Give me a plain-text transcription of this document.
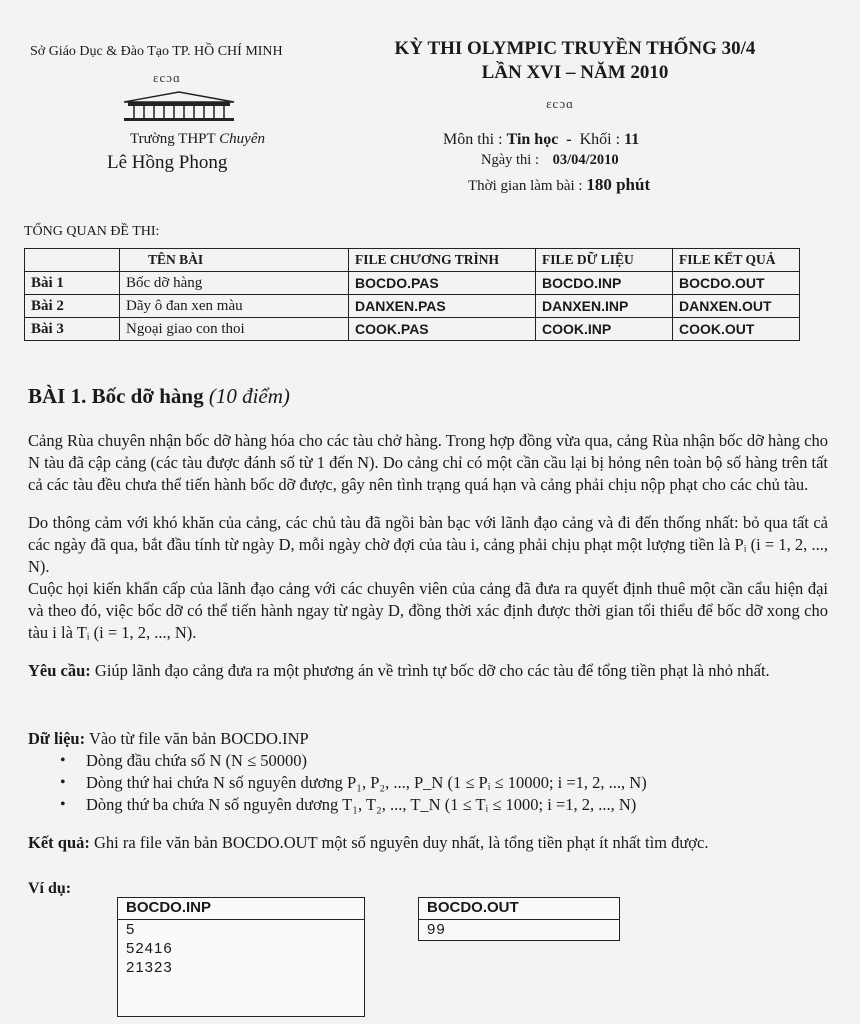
Sở Giáo Dục & Đào Tạo TP. HỒ CHÍ MINH
ɛcɔɑ
Trường THPT Chuyên
Lê Hồng Phong
KỲ THI OLYMPIC TRUYỀN THỐNG 30/4
LẦN XVI – NĂM 2010
ɛcɔɑ
Môn thi : Tin học  -  Khối : 11
Ngày thi : 03/04/2010
Thời gian làm bài : 180 phút
TỔNG QUAN ĐỀ THI:
	TÊN BÀI	FILE CHƯƠNG TRÌNH	FILE DỮ LIỆU	FILE KẾT QUẢ
Bài 1	Bốc dỡ hàng	BOCDO.PAS	BOCDO.INP	BOCDO.OUT
Bài 2	Dãy ô đan xen màu	DANXEN.PAS	DANXEN.INP	DANXEN.OUT
Bài 3	Ngoại giao con thoi	COOK.PAS	COOK.INP	COOK.OUT
BÀI 1. Bốc dỡ hàng (10 điểm)
Cảng Rùa chuyên nhận bốc dỡ hàng hóa cho các tàu chở hàng. Trong hợp đồng vừa qua, cảng Rùa nhận bốc dỡ hàng cho N tàu đã cập cảng (các tàu được đánh số từ 1 đến N). Do cảng chỉ có một cần cầu lại bị hỏng nên toàn bộ số hàng trên tất cả các tàu đều chưa thể tiến hành bốc dỡ được, gây nên tình trạng quá hạn và cảng phải chịu nộp phạt cho các chủ tàu.
Do thông cảm với khó khăn của cảng, các chủ tàu đã ngồi bàn bạc với lãnh đạo cảng và đi đến thống nhất: bỏ qua tất cả các ngày đã qua, bắt đầu tính từ ngày D, mỗi ngày chờ đợi của tàu i, cảng phải chịu phạt một lượng tiền là Pᵢ (i = 1, 2, ..., N).
Cuộc họi kiến khẩn cấp của lãnh đạo cảng với các chuyên viên của cảng đã đưa ra quyết định thuê một cần cẩu hiện đại và theo đó, việc bốc dỡ có thể tiến hành ngay từ ngày D, đồng thời xác định được thời gian tối thiểu để bốc dỡ xong cho tàu i là Tᵢ (i = 1, 2, ..., N).
Yêu cầu: Giúp lãnh đạo cảng đưa ra một phương án về trình tự bốc dỡ cho các tàu để tổng tiền phạt là nhỏ nhất.
Dữ liệu: Vào từ file văn bản BOCDO.INP
• Dòng đầu chứa số N (N ≤ 50000)
• Dòng thứ hai chứa N số nguyên dương P₁, P₂, ..., P_N (1 ≤ Pᵢ ≤ 10000; i =1, 2, ..., N)
• Dòng thứ ba chứa N số nguyên dương T₁, T₂, ..., T_N (1 ≤ Tᵢ ≤ 1000; i =1, 2, ..., N)
Kết quả: Ghi ra file văn bản BOCDO.OUT một số nguyên duy nhất, là tổng tiền phạt ít nhất tìm được.
Ví dụ:
BOCDO.INP
5
52416
21323
BOCDO.OUT
99
